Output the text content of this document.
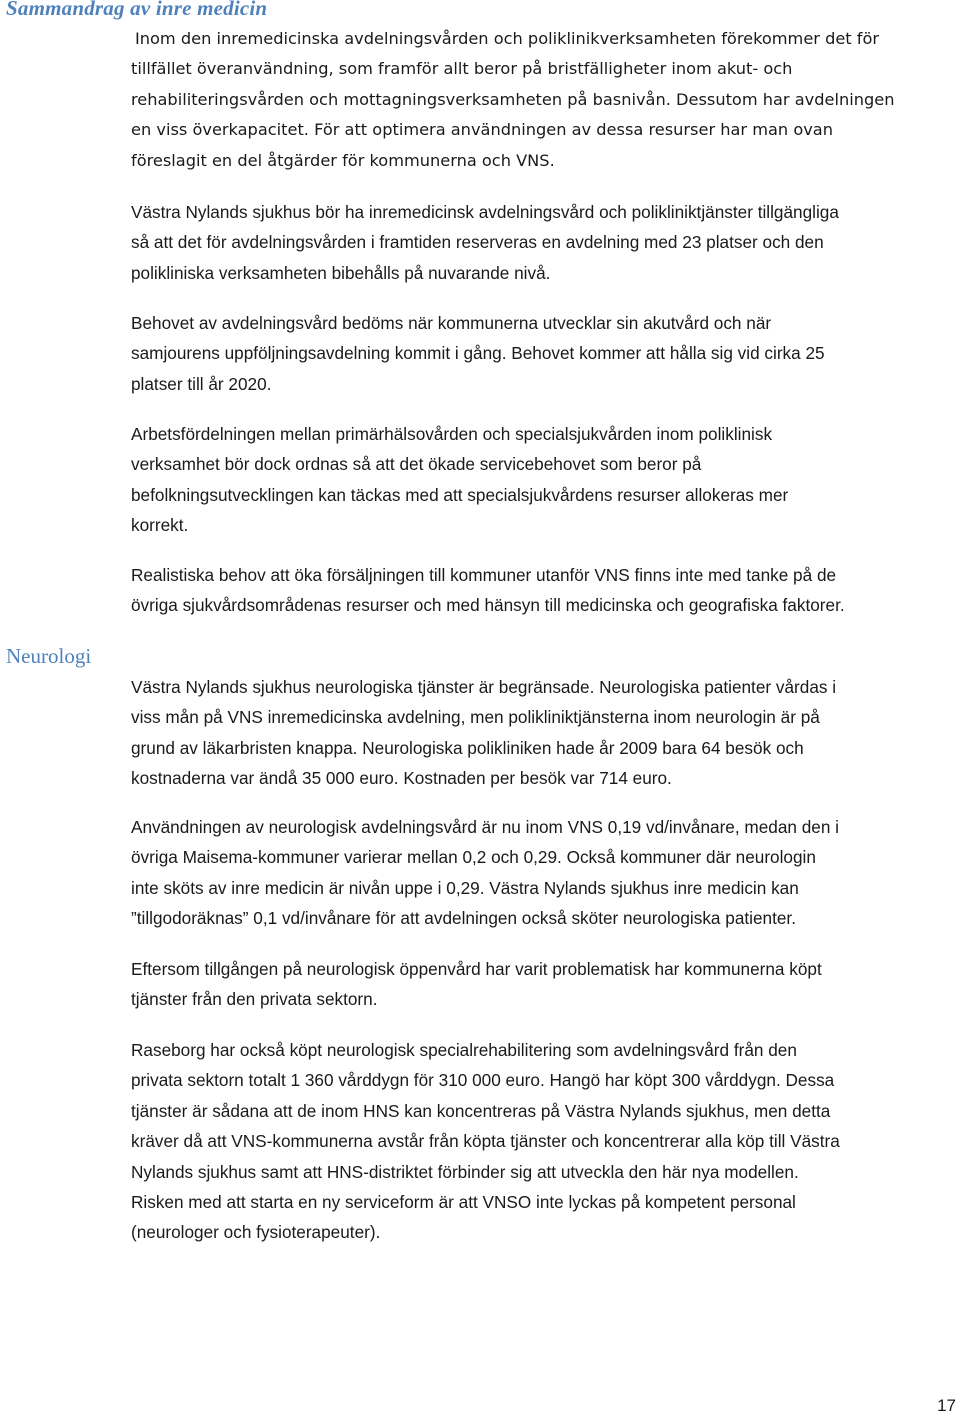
Sammandrag av inre medicin

Inom den inremedicinska avdelningsvården och poliklinikverksamheten förekommer det för
tillfället överanvändning, som framför allt beror på bristfälligheter inom akut- och
rehabiliteringsvården och mottagningsverksamheten på basnivån. Dessutom har avdelningen
en viss överkapacitet. För att optimera användningen av dessa resurser har man ovan
föreslagit en del åtgärder för kommunerna och VNS.

Västra Nylands sjukhus bör ha inremedicinsk avdelningsvård och polikliniktjänster tillgängliga
så att det för avdelningsvården i framtiden reserveras en avdelning med 23 platser och den
polikliniska verksamheten bibehålls på nuvarande nivå.

Behovet av avdelningsvård bedöms när kommunerna utvecklar sin akutvård och när
samjourens uppföljningsavdelning kommit i gång. Behovet kommer att hålla sig vid cirka 25
platser till år 2020.

Arbetsfördelningen mellan primärhälsovården och specialsjukvården inom poliklinisk
verksamhet bör dock ordnas så att det ökade servicebehovet som beror på
befolkningsutvecklingen kan täckas med att specialsjukvårdens resurser allokeras mer
korrekt.

Realistiska behov att öka försäljningen till kommuner utanför VNS finns inte med tanke på de
övriga sjukvårdsområdenas resurser och med hänsyn till medicinska och geografiska faktorer.

Neurologi

Västra Nylands sjukhus neurologiska tjänster är begränsade. Neurologiska patienter vårdas i
viss mån på VNS inremedicinska avdelning, men polikliniktjänsterna inom neurologin är på
grund av läkarbristen knappa. Neurologiska polikliniken hade år 2009 bara 64 besök och
kostnaderna var ändå 35 000 euro. Kostnaden per besök var 714 euro.

Användningen av neurologisk avdelningsvård är nu inom VNS 0,19 vd/invånare, medan den i
övriga Maisema-kommuner varierar mellan 0,2 och 0,29. Också kommuner där neurologin
inte sköts av inre medicin är nivån uppe i 0,29. Västra Nylands sjukhus inre medicin kan
”tillgodoräknas” 0,1 vd/invånare för att avdelningen också sköter neurologiska patienter.

Eftersom tillgången på neurologisk öppenvård har varit problematisk har kommunerna köpt
tjänster från den privata sektorn.

Raseborg har också köpt neurologisk specialrehabilitering som avdelningsvård från den
privata sektorn totalt 1 360 vårddygn för 310 000 euro. Hangö har köpt 300 vårddygn. Dessa
tjänster är sådana att de inom HNS kan koncentreras på Västra Nylands sjukhus, men detta
kräver då att VNS-kommunerna avstår från köpta tjänster och koncentrerar alla köp till Västra
Nylands sjukhus samt att HNS-distriktet förbinder sig att utveckla den här nya modellen.
Risken med att starta en ny serviceform är att VNSO inte lyckas på kompetent personal
(neurologer och fysioterapeuter).

17
